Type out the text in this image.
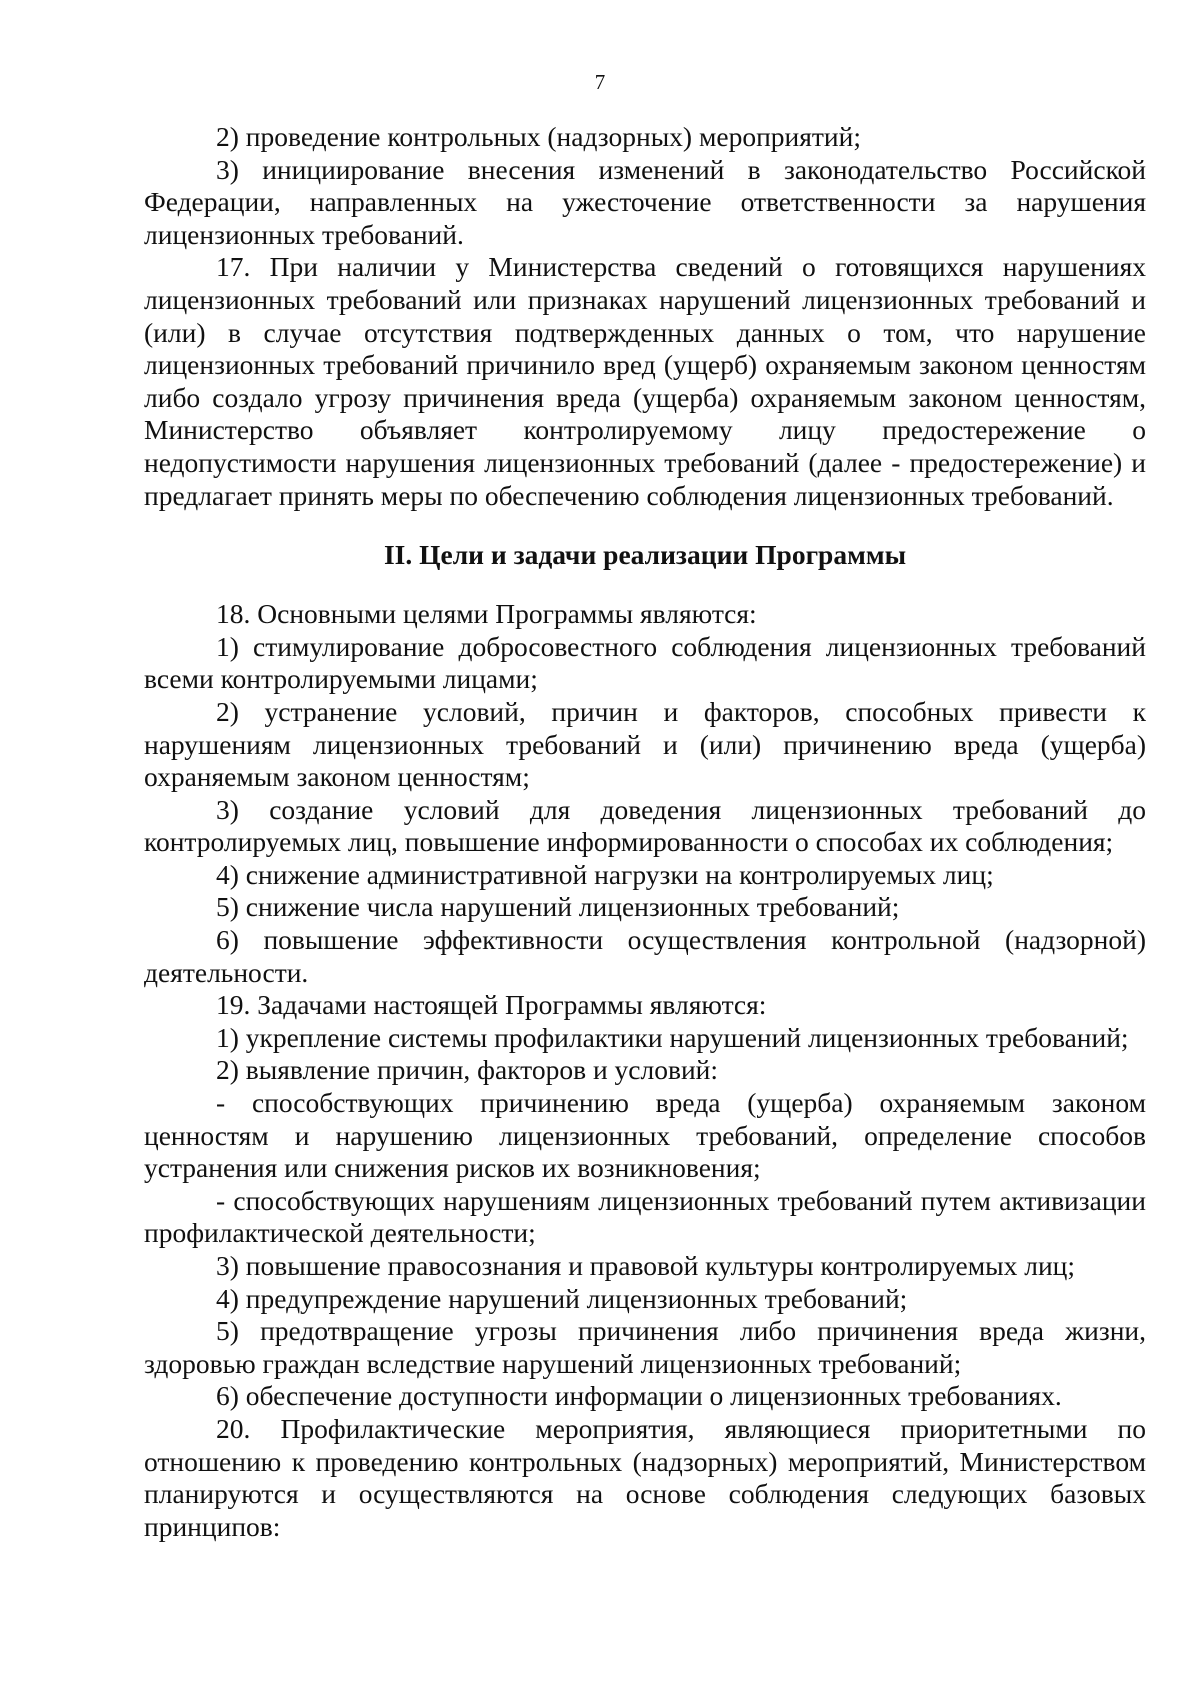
7

2) проведение контрольных (надзорных) мероприятий;

3) инициирование внесения изменений в законодательство Российской Федерации, направленных на ужесточение ответственности за нарушения лицензионных требований.

17. При наличии у Министерства сведений о готовящихся нарушениях лицензионных требований или признаках нарушений лицензионных требований и (или) в случае отсутствия подтвержденных данных о том, что нарушение лицензионных требований причинило вред (ущерб) охраняемым законом ценностям либо создало угрозу причинения вреда (ущерба) охраняемым законом ценностям, Министерство объявляет контролируемому лицу предостережение о недопустимости нарушения лицензионных требований (далее - предостережение) и предлагает принять меры по обеспечению соблюдения лицензионных требований.

II. Цели и задачи реализации Программы

18. Основными целями Программы являются:

1) стимулирование добросовестного соблюдения лицензионных требований всеми контролируемыми лицами;

2) устранение условий, причин и факторов, способных привести к нарушениям лицензионных требований и (или) причинению вреда (ущерба) охраняемым законом ценностям;

3) создание условий для доведения лицензионных требований до контролируемых лиц, повышение информированности о способах их соблюдения;

4) снижение административной нагрузки на контролируемых лиц;

5) снижение числа нарушений лицензионных требований;

6) повышение эффективности осуществления контрольной (надзорной) деятельности.

19. Задачами настоящей Программы являются:

1) укрепление системы профилактики нарушений лицензионных требований;

2) выявление причин, факторов и условий:

- способствующих причинению вреда (ущерба) охраняемым законом ценностям и нарушению лицензионных требований, определение способов устранения или снижения рисков их возникновения;

- способствующих нарушениям лицензионных требований путем активизации профилактической деятельности;

3) повышение правосознания и правовой культуры контролируемых лиц;

4) предупреждение нарушений лицензионных требований;

5) предотвращение угрозы причинения либо причинения вреда жизни, здоровью граждан вследствие нарушений лицензионных требований;

6) обеспечение доступности информации о лицензионных требованиях.

20. Профилактические мероприятия, являющиеся приоритетными по отношению к проведению контрольных (надзорных) мероприятий, Министерством планируются и осуществляются на основе соблюдения следующих базовых принципов:
